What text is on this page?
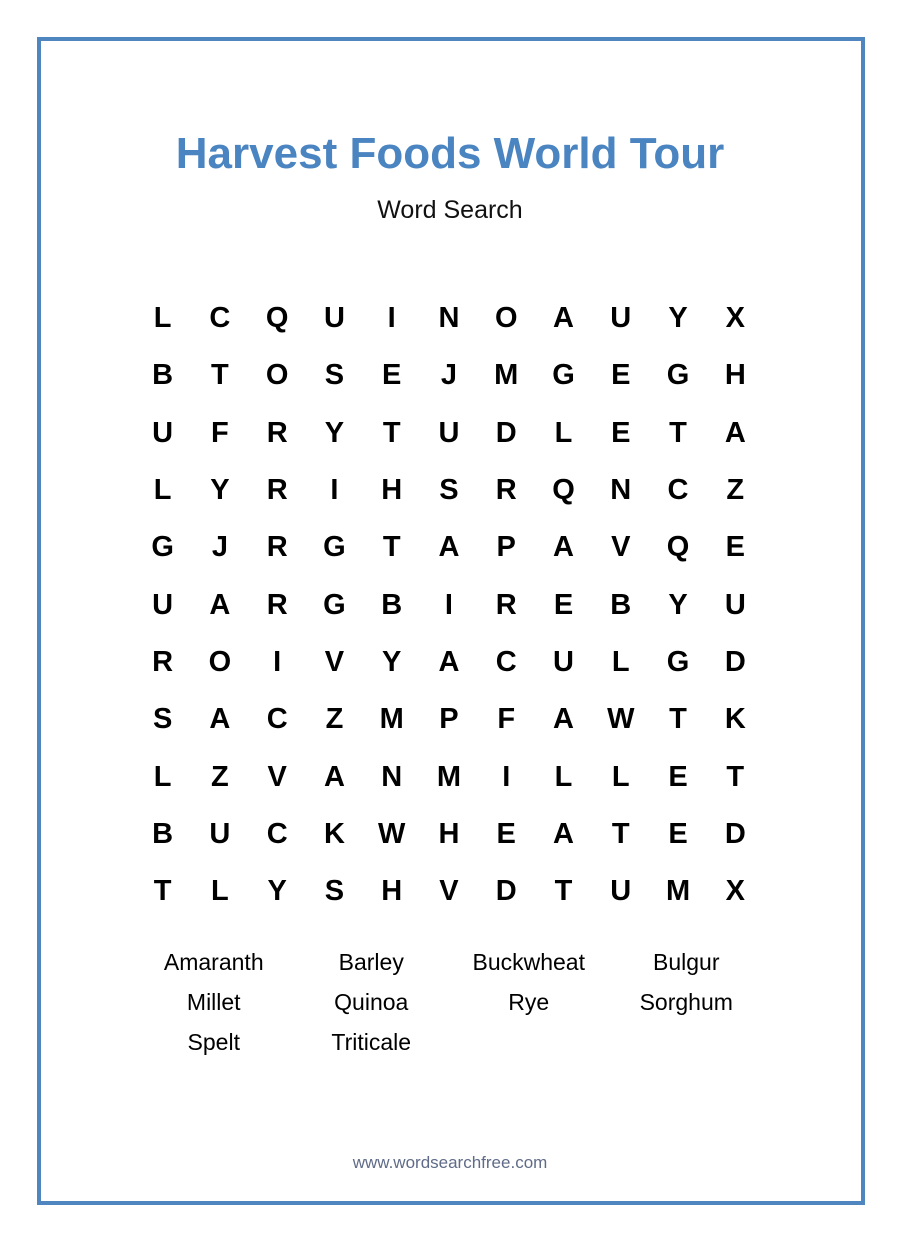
Harvest Foods World Tour
Word Search
L	C	Q	U	I	N	O	A	U	Y	X
B	T	O	S	E	J	M	G	E	G	H
U	F	R	Y	T	U	D	L	E	T	A
L	Y	R	I	H	S	R	Q	N	C	Z
G	J	R	G	T	A	P	A	V	Q	E
U	A	R	G	B	I	R	E	B	Y	U
R	O	I	V	Y	A	C	U	L	G	D
S	A	C	Z	M	P	F	A	W	T	K
L	Z	V	A	N	M	I	L	L	E	T
B	U	C	K	W	H	E	A	T	E	D
T	L	Y	S	H	V	D	T	U	M	X
Amaranth	Barley	Buckwheat	Bulgur
Millet	Quinoa	Rye	Sorghum
Spelt	Triticale
www.wordsearchfree.com
